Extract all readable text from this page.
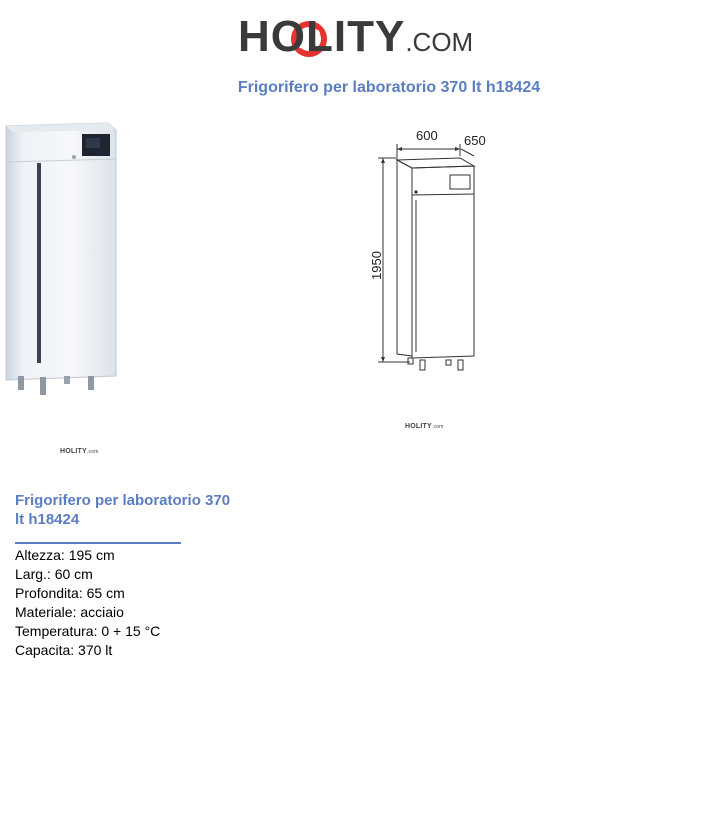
HOLITY.COM
Frigorifero per laboratorio 370 lt h18424
600 650
1950
HOLITY.com
HOLITY.com
Frigorifero per laboratorio 370 lt h18424
Altezza: 195 cm
Larg.: 60 cm
Profondita: 65 cm
Materiale: acciaio
Temperatura: 0 + 15 °C
Capacita: 370 lt
